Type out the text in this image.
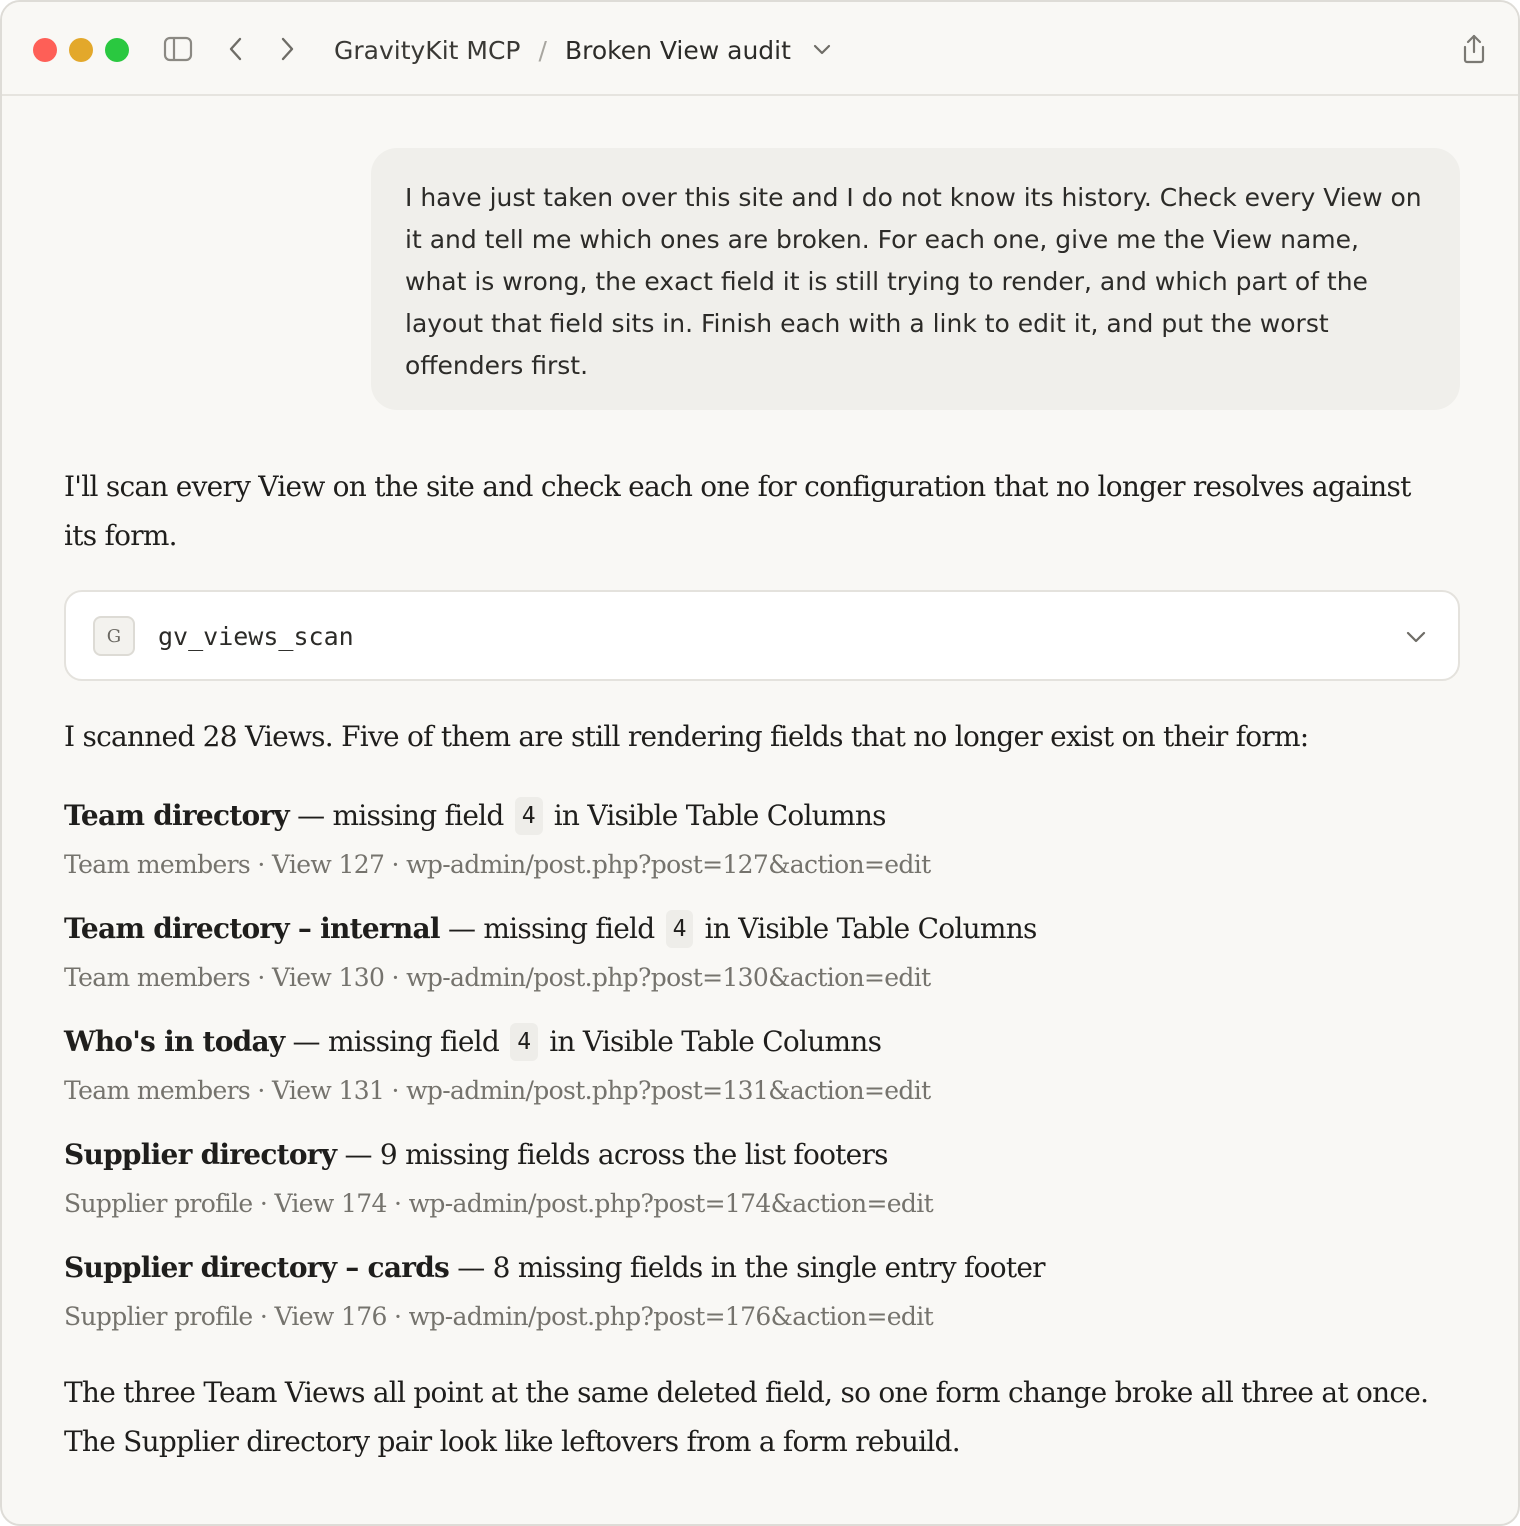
GravityKit MCP / Broken View audit
I have just taken over this site and I do not know its history. Check every View on it and tell me which ones are broken. For each one, give me the View name, what is wrong, the exact field it is still trying to render, and which part of the layout that field sits in. Finish each with a link to edit it, and put the worst offenders first.
I'll scan every View on the site and check each one for configuration that no longer resolves against its form.
G	gv_views_scan
I scanned 28 Views. Five of them are still rendering fields that no longer exist on their form:
Team directory — missing field 4 in Visible Table Columns
Team members · View 127 · wp-admin/post.php?post=127&action=edit
Team directory – internal — missing field 4 in Visible Table Columns
Team members · View 130 · wp-admin/post.php?post=130&action=edit
Who's in today — missing field 4 in Visible Table Columns
Team members · View 131 · wp-admin/post.php?post=131&action=edit
Supplier directory — 9 missing fields across the list footers
Supplier profile · View 174 · wp-admin/post.php?post=174&action=edit
Supplier directory – cards — 8 missing fields in the single entry footer
Supplier profile · View 176 · wp-admin/post.php?post=176&action=edit
The three Team Views all point at the same deleted field, so one form change broke all three at once. The Supplier directory pair look like leftovers from a form rebuild.
